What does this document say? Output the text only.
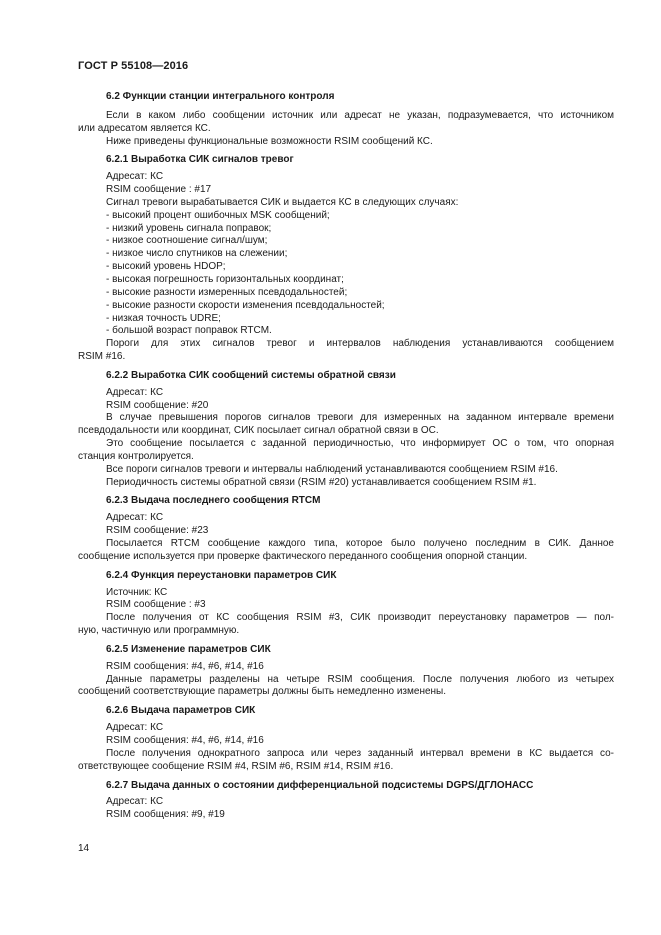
ГОСТ Р 55108—2016

6.2 Функции станции интегрального контроля

Если в каком либо сообщении источник или адресат не указан, подразумевается, что источником

или адресатом является КС.

Ниже приведены функциональные возможности RSIM сообщений КС.

6.2.1 Выработка СИК сигналов тревог

Адресат: КС

RSIM сообщение : #17

Сигнал тревоги вырабатывается СИК и выдается КС в следующих случаях:

- высокий процент ошибочных MSK сообщений;

- низкий уровень сигнала поправок;

- низкое соотношение сигнал/шум;

- низкое число спутников на слежении;

- высокий уровень HDOP;

- высокая погрешность горизонтальных координат;

- высокие разности измеренных псевдодальностей;

- высокие разности скорости изменения псевдодальностей;

- низкая точность UDRE;

- большой возраст поправок RTCM.

Пороги для этих сигналов тревог и интервалов наблюдения устанавливаются сообщением

RSIM #16.

6.2.2 Выработка СИК сообщений системы обратной связи

Адресат: КС

RSIM сообщение: #20

В случае превышения порогов сигналов тревоги для измеренных на заданном интервале времени

псевдодальности или координат, СИК посылает сигнал обратной связи в ОС.

Это сообщение посылается с заданной периодичностью, что информирует ОС о том, что опорная

станция контролируется.

Все пороги сигналов тревоги и интервалы наблюдений устанавливаются сообщением RSIM #16.

Периодичность системы обратной связи (RSIM #20) устанавливается сообщением RSIM #1.

6.2.3 Выдача последнего сообщения RTCM

Адресат: КС

RSIM сообщение: #23

Посылается RTCM сообщение каждого типа, которое было получено последним в СИК. Данное

сообщение используется при проверке фактического переданного сообщения опорной станции.

6.2.4 Функция переустановки параметров СИК

Источник: КС

RSIM сообщение : #3

После получения от КС сообщения RSIM #3, СИК производит переустановку параметров — пол-

ную, частичную или программную.

6.2.5 Изменение параметров СИК

RSIM сообщения: #4, #6, #14, #16

Данные параметры разделены на четыре RSIM сообщения. После получения любого из четырех

сообщений соответствующие параметры должны быть немедленно изменены.

6.2.6 Выдача параметров СИК

Адресат: КС

RSIM сообщения: #4, #6, #14, #16

После получения однократного запроса или через заданный интервал времени в КС выдается со-

ответствующее сообщение RSIM #4, RSIM #6, RSIM #14, RSIM #16.

6.2.7 Выдача данных о состоянии дифференциальной подсистемы DGPS/ДГЛОНАСС

Адресат: КС

RSIM сообщения: #9, #19

14
